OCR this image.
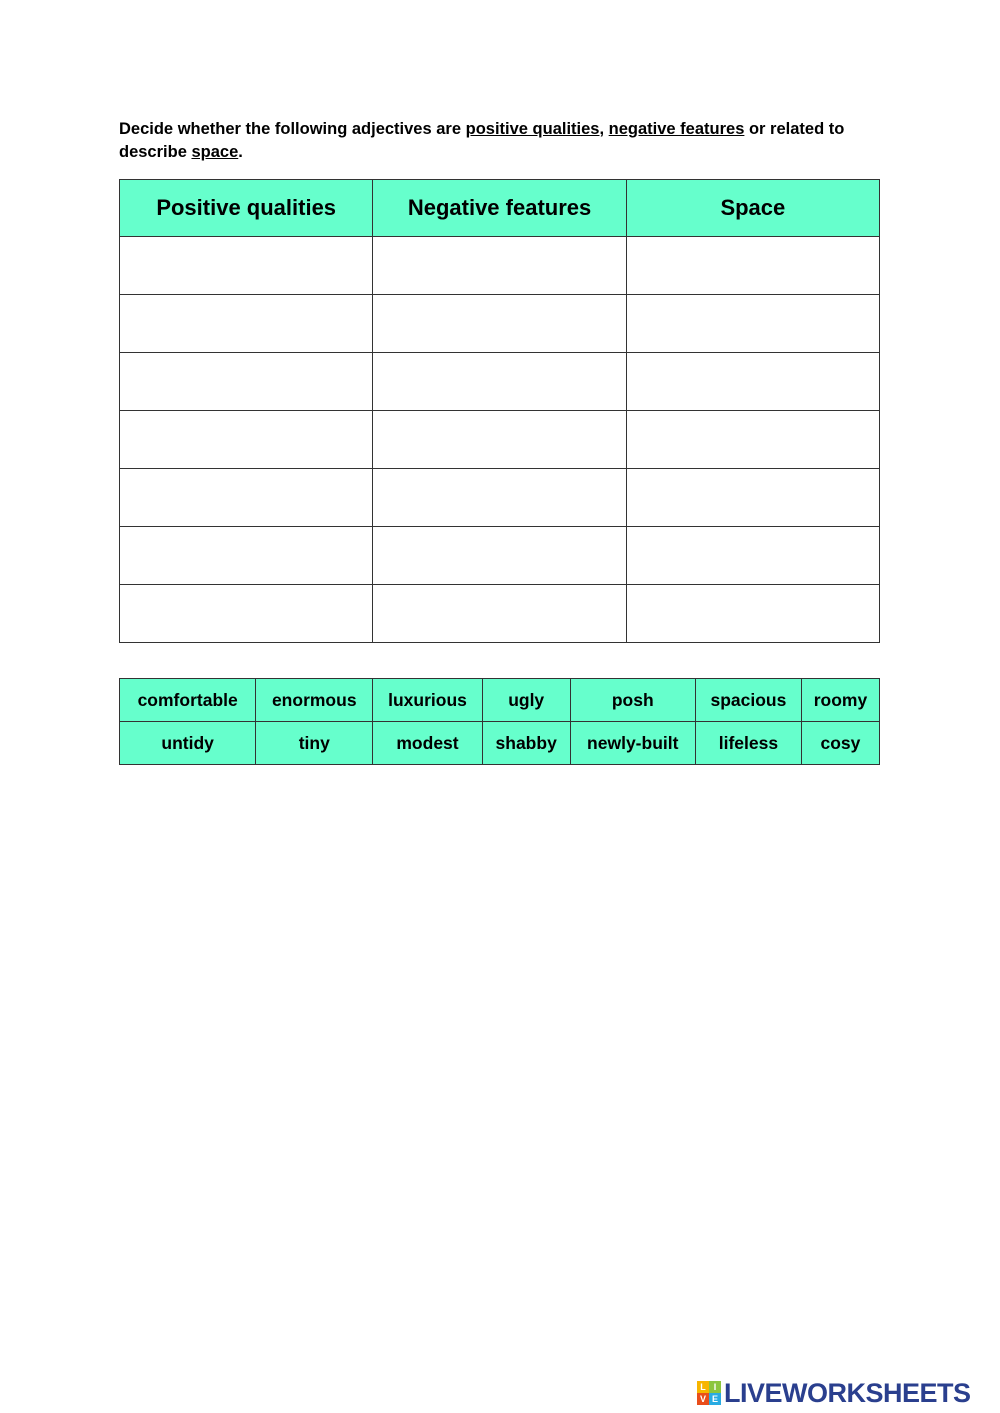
Decide whether the following adjectives are positive qualities, negative features or related to describe space.
Positive qualities	Negative features	Space

comfortable	enormous	luxurious	ugly	posh	spacious	roomy
untidy	tiny	modest	shabby	newly-built	lifeless	cosy
L I
V E LIVEWORKSHEETS
